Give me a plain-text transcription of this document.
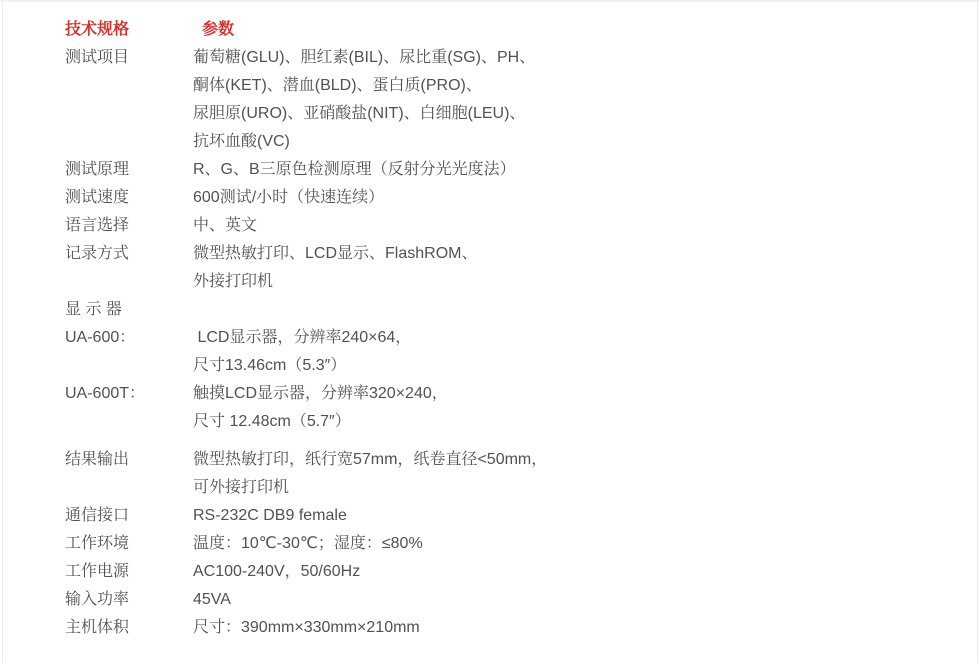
技术规格	参数
测试项目	葡萄糖(GLU)、胆红素(BIL)、尿比重(SG)、PH、
酮体(KET)、潜血(BLD)、蛋白质(PRO)、
尿胆原(URO)、亚硝酸盐(NIT)、白细胞(LEU)、
抗坏血酸(VC)
测试原理	R、G、B三原色检测原理（反射分光光度法）
测试速度	600测试/小时（快速连续）
语言选择	中、英文
记录方式	微型热敏打印、LCD显示、FlashROM、
外接打印机
显 示 器
UA-600：	LCD显示器，分辨率240×64，
尺寸13.46cm（5.3″）
UA-600T：	触摸LCD显示器，分辨率320×240，
尺寸 12.48cm（5.7″）
结果输出	微型热敏打印，纸行宽57mm，纸卷直径<50mm，
可外接打印机
通信接口	RS-232C DB9 female
工作环境	温度：10℃-30℃；湿度：≤80%
工作电源	AC100-240V，50/60Hz
输入功率	45VA
主机体积	尺寸：390mm×330mm×210mm
